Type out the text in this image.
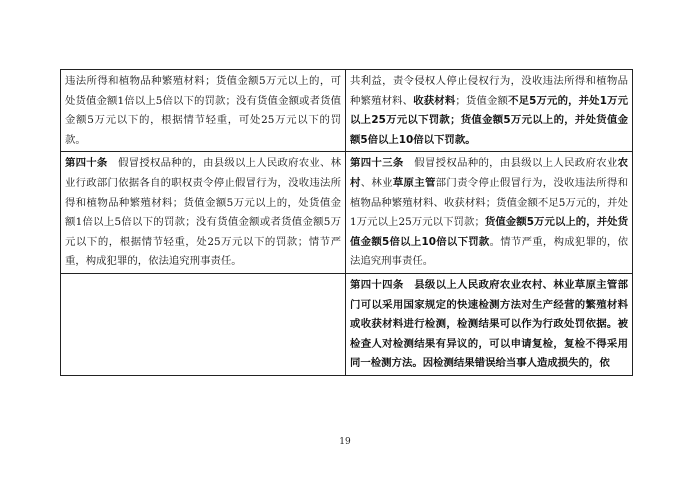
违法所得和植物品种繁殖材料；货值金额5万元以上的，可处货值金额1倍以上5倍以下的罚款；没有货值金额或者货值金额5万元以下的，根据情节轻重，可处25万元以下的罚款。	共利益，责令侵权人停止侵权行为，没收违法所得和植物品种繁殖材料、收获材料；货值金额不足5万元的，并处1万元以上25万元以下罚款；货值金额5万元以上的，并处货值金额5倍以上10倍以下罚款。
第四十条　假冒授权品种的，由县级以上人民政府农业、林业行政部门依据各自的职权责令停止假冒行为，没收违法所得和植物品种繁殖材料；货值金额5万元以上的，处货值金额1倍以上5倍以下的罚款；没有货值金额或者货值金额5万元以下的，根据情节轻重，处25万元以下的罚款；情节严重，构成犯罪的，依法追究刑事责任。	第四十三条　假冒授权品种的，由县级以上人民政府农业农村、林业草原主管部门责令停止假冒行为，没收违法所得和植物品种繁殖材料、收获材料；货值金额不足5万元的，并处1万元以上25万元以下罚款；货值金额5万元以上的，并处货值金额5倍以上10倍以下罚款。情节严重，构成犯罪的，依法追究刑事责任。
	第四十四条　县级以上人民政府农业农村、林业草原主管部门可以采用国家规定的快速检测方法对生产经营的繁殖材料或收获材料进行检测，检测结果可以作为行政处罚依据。被检查人对检测结果有异议的，可以申请复检，复检不得采用同一检测方法。因检测结果错误给当事人造成损失的，依
19
